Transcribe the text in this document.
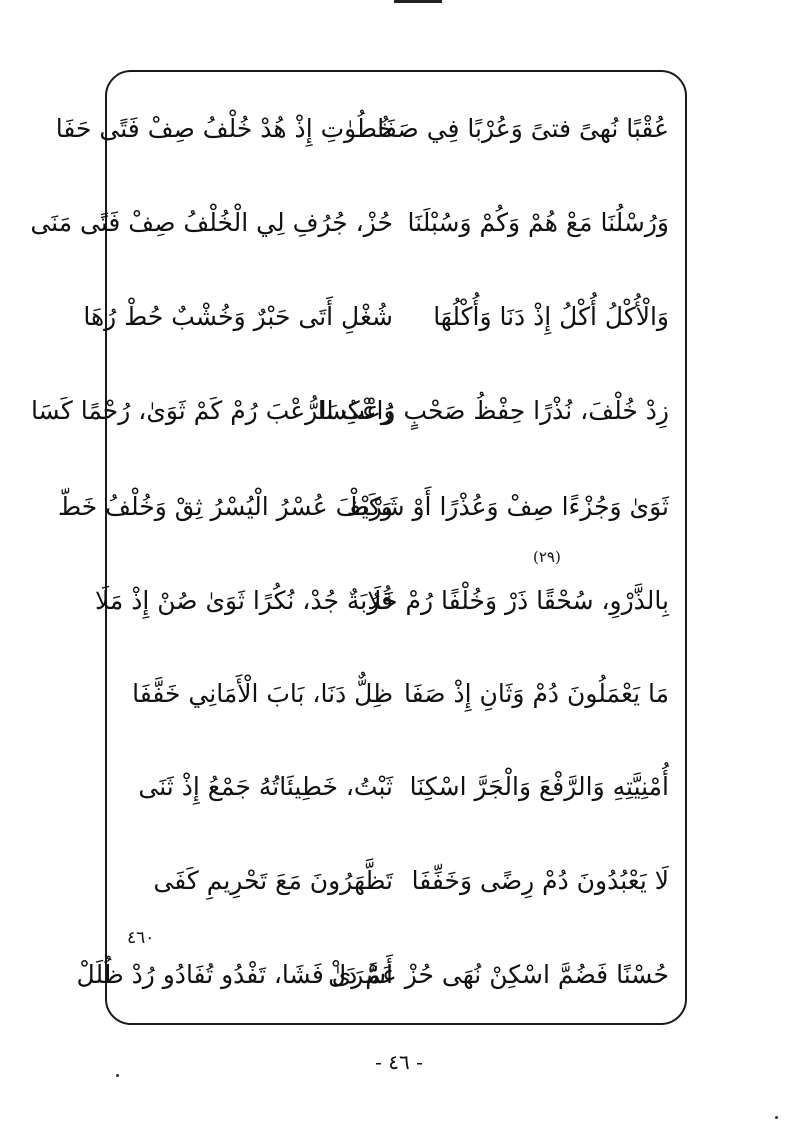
(٢٩)
٤٦٠
عُقْبًا نُهىً فتىً وَعُرْبًا فِي صَفَا
خُطُوٰتِ إِذْ هُدْ خُلْفُ صِفْ فَتًى حَفَا
وَرُسْلُنَا مَعْ هُمْ وَكُمْ وَسُبْلَنَا
حُزْ، جُرُفِ لِي الْخُلْفُ صِفْ فَتًى مَنَى
وَالْأُكْلُ أُكْلُ إِذْ دَنَا وَأُكْلُهَا
شُغْلِ أَتَى حَبْرٌ وَخُشْبٌ حُطْ رُهَا
زِدْ خُلْفَ، نُذْرًا حِفْظُ صَحْبٍ وَاعْكِسَا
رُعْبُ الرُّعْبَ رُمْ كَمْ ثَوَىٰ، رُحْمًا كَسَا
ثَوَىٰ وَجُزْءًا صِفْ وَعُذْرًا أَوْ شَرْطْ
وَكَيْفَ عُسْرُ الْيُسْرُ ثِقْ وَخُلْفُ خَطّ
بِالذَّرْوِ، سُحْقًا ذَرْ وَخُلْفًا رُمْ خَلَا
قُرُبَةٌ جُدْ، نُكُرًا ثَوَىٰ صُنْ إِذْ مَلَا
مَا يَعْمَلُونَ دُمْ وَثَانِ إِذْ صَفَا
ظِلٌّ دَنَا، بَابَ الْأَمَانِي خَفَّفَا
أُمْنِيَّتِهِ وَالرَّفْعَ وَالْجَرَّ اسْكِنَا
ثَبْتُ، خَطِيئَاتُهُ جَمْعُ إِذْ ثَنَى
لَا يَعْبُدُونَ دُمْ رِضًى وَخَفِّفَا
تَظَّهَرُونَ مَعَ تَحْرِيمِ كَفَى
حُسْنًا فَضُمَّ اسْكِنْ نُهَى حُزْ عَمَّ دَلْ
أَسْرَىٰ فَشَا، تَفْدُو تُفَادُو رُدْ ظُلَلْ
- ٤٦ -
